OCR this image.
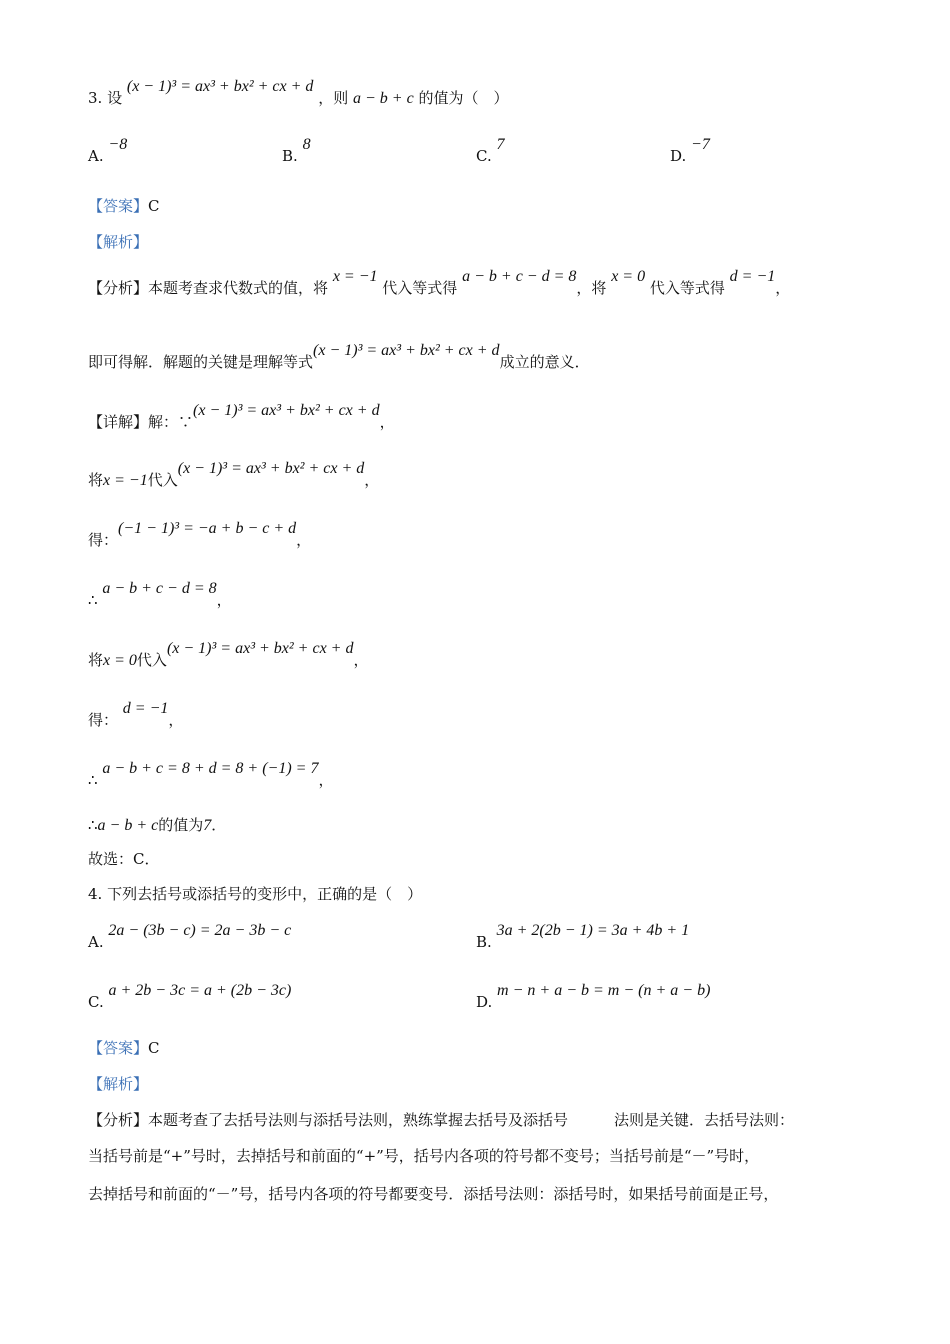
3. 设 (x − 1)³ = ax³ + bx² + cx + d ，则 a − b + c 的值为（　）
A. −8
B. 8
C. 7
D. −7
【答案】C
【解析】
【分析】本题考查求代数式的值，将 x = −1 代入等式得 a − b + c − d = 8，将 x = 0 代入等式得 d = −1，
即可得解．解题的关键是理解等式(x − 1)³ = ax³ + bx² + cx + d成立的意义．
【详解】解：∵(x − 1)³ = ax³ + bx² + cx + d，
将x = −1代入(x − 1)³ = ax³ + bx² + cx + d，
得：(−1 − 1)³ = −a + b − c + d，
∴ a − b + c − d = 8，
将x = 0代入(x − 1)³ = ax³ + bx² + cx + d，
得： d = −1，
∴ a − b + c = 8 + d = 8 + (−1) = 7，
∴a − b + c的值为7．
故选：C．
4. 下列去括号或添括号的变形中，正确的是（　）
A. 2a − (3b − c) = 2a − 3b − c
B. 3a + 2(2b − 1) = 3a + 4b + 1
C. a + 2b − 3c = a + (2b − 3c)
D. m − n + a − b = m − (n + a − b)
【答案】C
【解析】
【分析】本题考查了去括号法则与添括号法则，熟练掌握去括号及添括号	法则是关键．去括号法则：
当括号前是“+”号时，去掉括号和前面的“+”号，括号内各项的符号都不变号；当括号前是“－”号时，
去掉括号和前面的“－”号，括号内各项的符号都要变号．添括号法则：添括号时，如果括号前面是正号，
